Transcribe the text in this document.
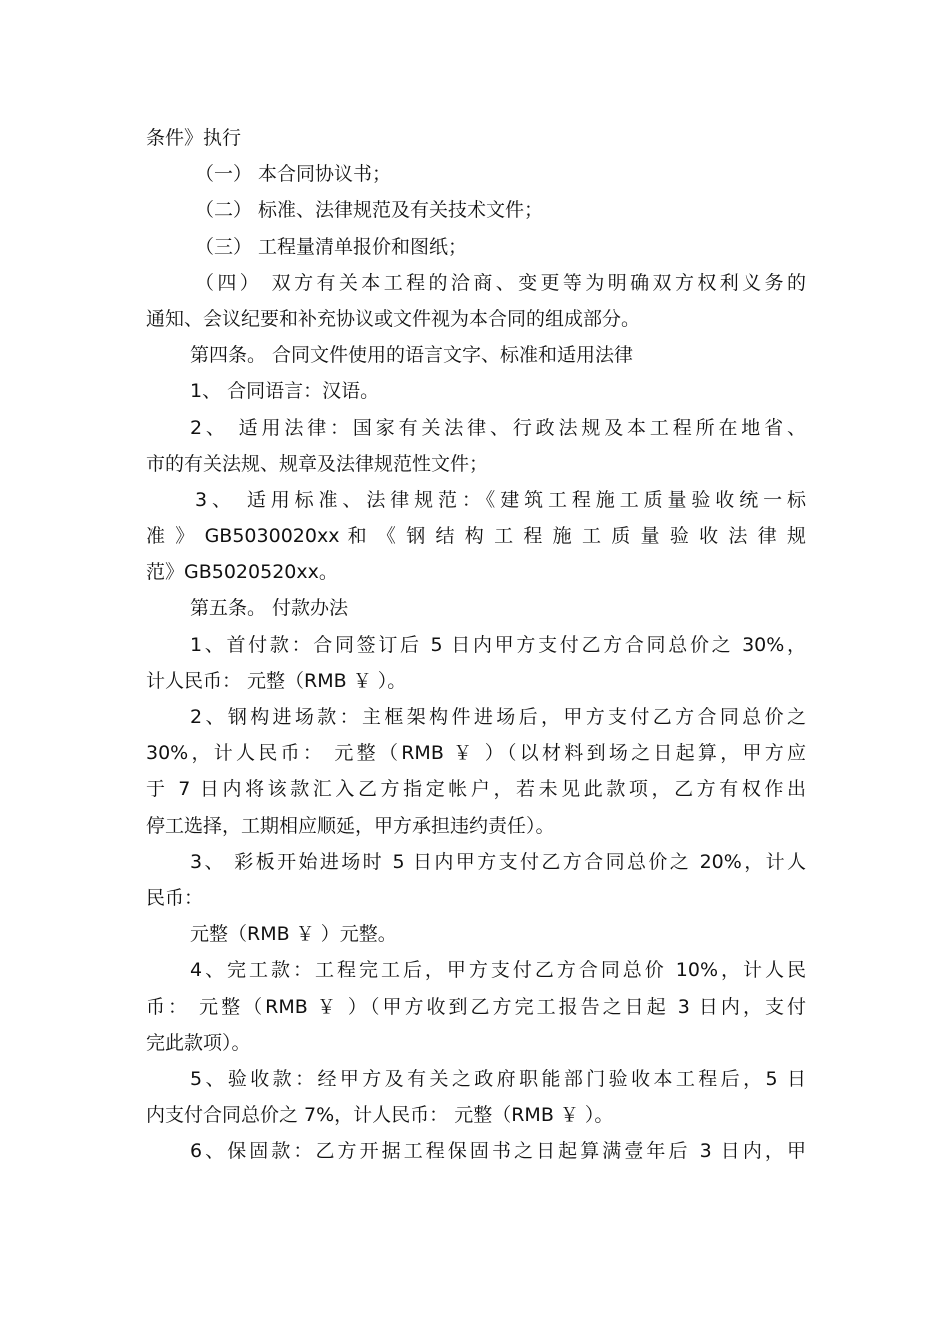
条件》执行
（一） 本合同协议书；
（二） 标准、法律规范及有关技术文件；
（三） 工程量清单报价和图纸；
（四） 双方有关本工程的洽商、变更等为明确双方权利义务的
通知、会议纪要和补充协议或文件视为本合同的组成部分。
第四条。 合同文件使用的语言文字、标准和适用法律
1、 合同语言：汉语。
2、 适用法律：国家有关法律、行政法规及本工程所在地省、
市的有关法规、规章及法律规范性文件；
3、 适用标准、法律规范：《建筑工程施工质量验收统一标
准 》 GB5030020xx 和 《 钢 结 构 工 程 施 工 质 量 验 收 法 律 规
范》GB5020520xx。
第五条。 付款办法
1、首付款：合同签订后 5 日内甲方支付乙方合同总价之 30%，
计人民币： 元整（RMB ￥ ）。
2、钢构进场款：主框架构件进场后，甲方支付乙方合同总价之
30%，计人民币： 元整（RMB ￥ ）（以材料到场之日起算，甲方应
于 7 日内将该款汇入乙方指定帐户，若未见此款项，乙方有权作出
停工选择，工期相应顺延，甲方承担违约责任）。
3、 彩板开始进场时 5 日内甲方支付乙方合同总价之 20%，计人
民币：
元整（RMB ￥ ）元整。
4、完工款：工程完工后，甲方支付乙方合同总价 10%，计人民
币： 元整（RMB ￥ ）（甲方收到乙方完工报告之日起 3 日内，支付
完此款项）。
5、验收款：经甲方及有关之政府职能部门验收本工程后，5 日
内支付合同总价之 7%，计人民币： 元整（RMB ￥ ）。
6、保固款：乙方开据工程保固书之日起算满壹年后 3 日内，甲
